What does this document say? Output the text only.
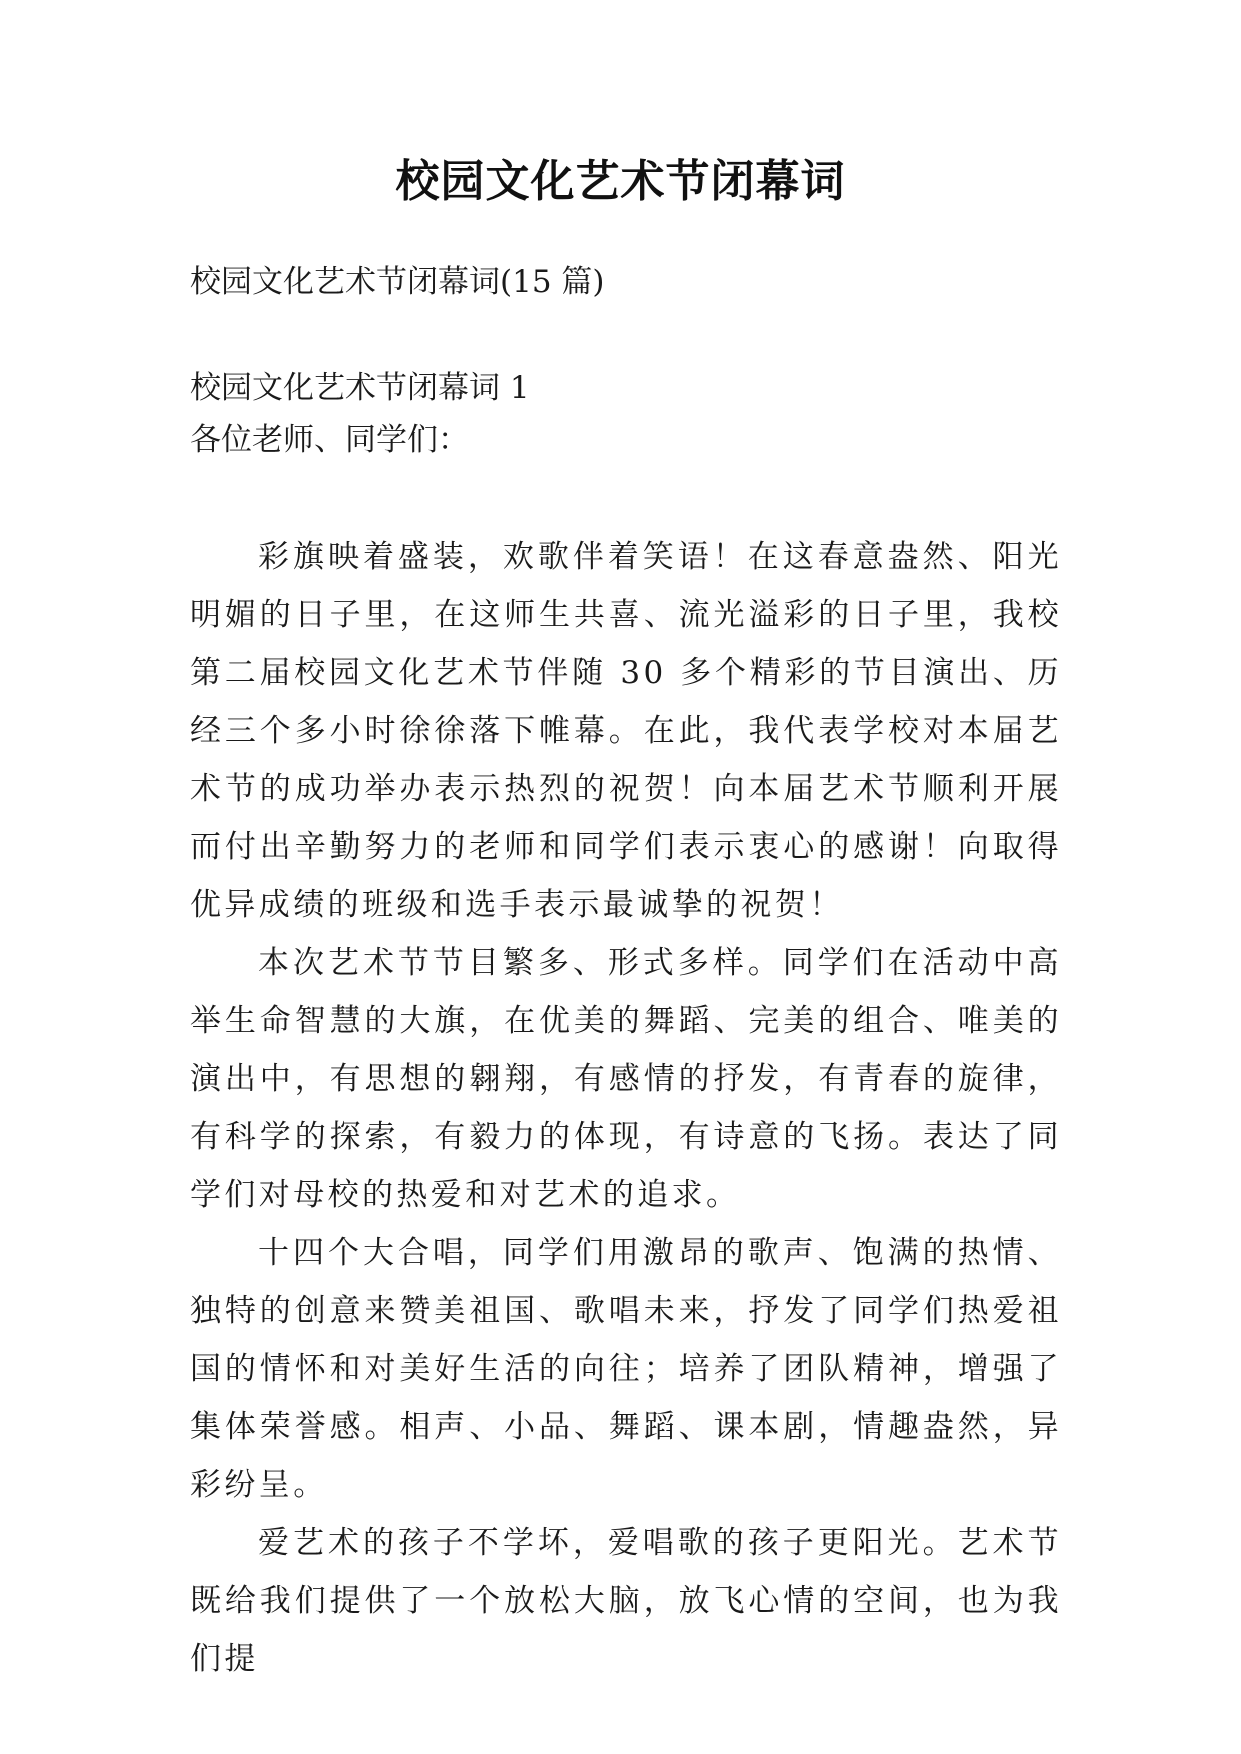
校园文化艺术节闭幕词

校园文化艺术节闭幕词(15 篇)

校园文化艺术节闭幕词 1

各位老师、同学们：

彩旗映着盛装，欢歌伴着笑语！在这春意盎然、阳光明媚的日子里，在这师生共喜、流光溢彩的日子里，我校第二届校园文化艺术节伴随 30 多个精彩的节目演出、历经三个多小时徐徐落下帷幕。在此，我代表学校对本届艺术节的成功举办表示热烈的祝贺！向本届艺术节顺利开展而付出辛勤努力的老师和同学们表示衷心的感谢！向取得优异成绩的班级和选手表示最诚挚的祝贺！

本次艺术节节目繁多、形式多样。同学们在活动中高举生命智慧的大旗，在优美的舞蹈、完美的组合、唯美的演出中，有思想的翱翔，有感情的抒发，有青春的旋律，有科学的探索，有毅力的体现，有诗意的飞扬。表达了同学们对母校的热爱和对艺术的追求。

十四个大合唱，同学们用激昂的歌声、饱满的热情、独特的创意来赞美祖国、歌唱未来，抒发了同学们热爱祖国的情怀和对美好生活的向往；培养了团队精神，增强了集体荣誉感。相声、小品、舞蹈、课本剧，情趣盎然，异彩纷呈。

爱艺术的孩子不学坏，爱唱歌的孩子更阳光。艺术节既给我们提供了一个放松大脑，放飞心情的空间，也为我们提
